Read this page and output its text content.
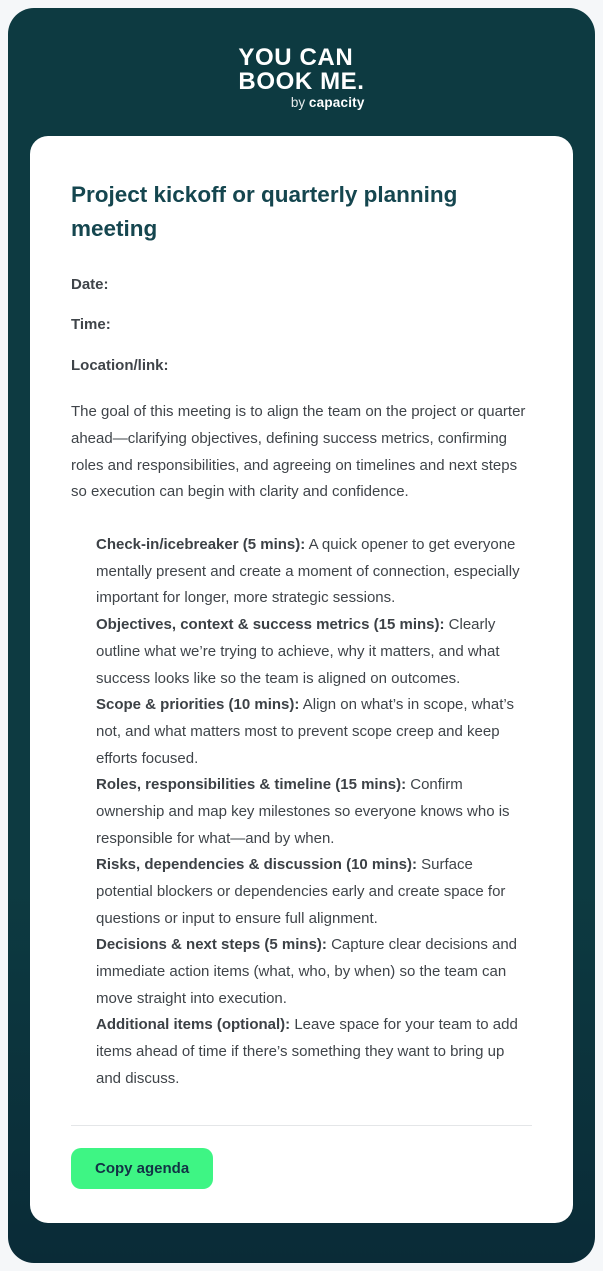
YOU CAN
BOOK ME.
by capacity
Project kickoff or quarterly planning meeting

Date:

Time:

Location/link:

The goal of this meeting is to align the team on the project or quarter ahead—clarifying objectives, defining success metrics, confirming roles and responsibilities, and agreeing on timelines and next steps so execution can begin with clarity and confidence.

Check-in/icebreaker (5 mins): A quick opener to get everyone mentally present and create a moment of connection, especially important for longer, more strategic sessions.
Objectives, context & success metrics (15 mins): Clearly outline what we’re trying to achieve, why it matters, and what success looks like so the team is aligned on outcomes.
Scope & priorities (10 mins): Align on what’s in scope, what’s not, and what matters most to prevent scope creep and keep efforts focused.
Roles, responsibilities & timeline (15 mins): Confirm ownership and map key milestones so everyone knows who is responsible for what—and by when.
Risks, dependencies & discussion (10 mins): Surface potential blockers or dependencies early and create space for questions or input to ensure full alignment.
Decisions & next steps (5 mins): Capture clear decisions and immediate action items (what, who, by when) so the team can move straight into execution.
Additional items (optional): Leave space for your team to add items ahead of time if there’s something they want to bring up and discuss.
Copy agenda
